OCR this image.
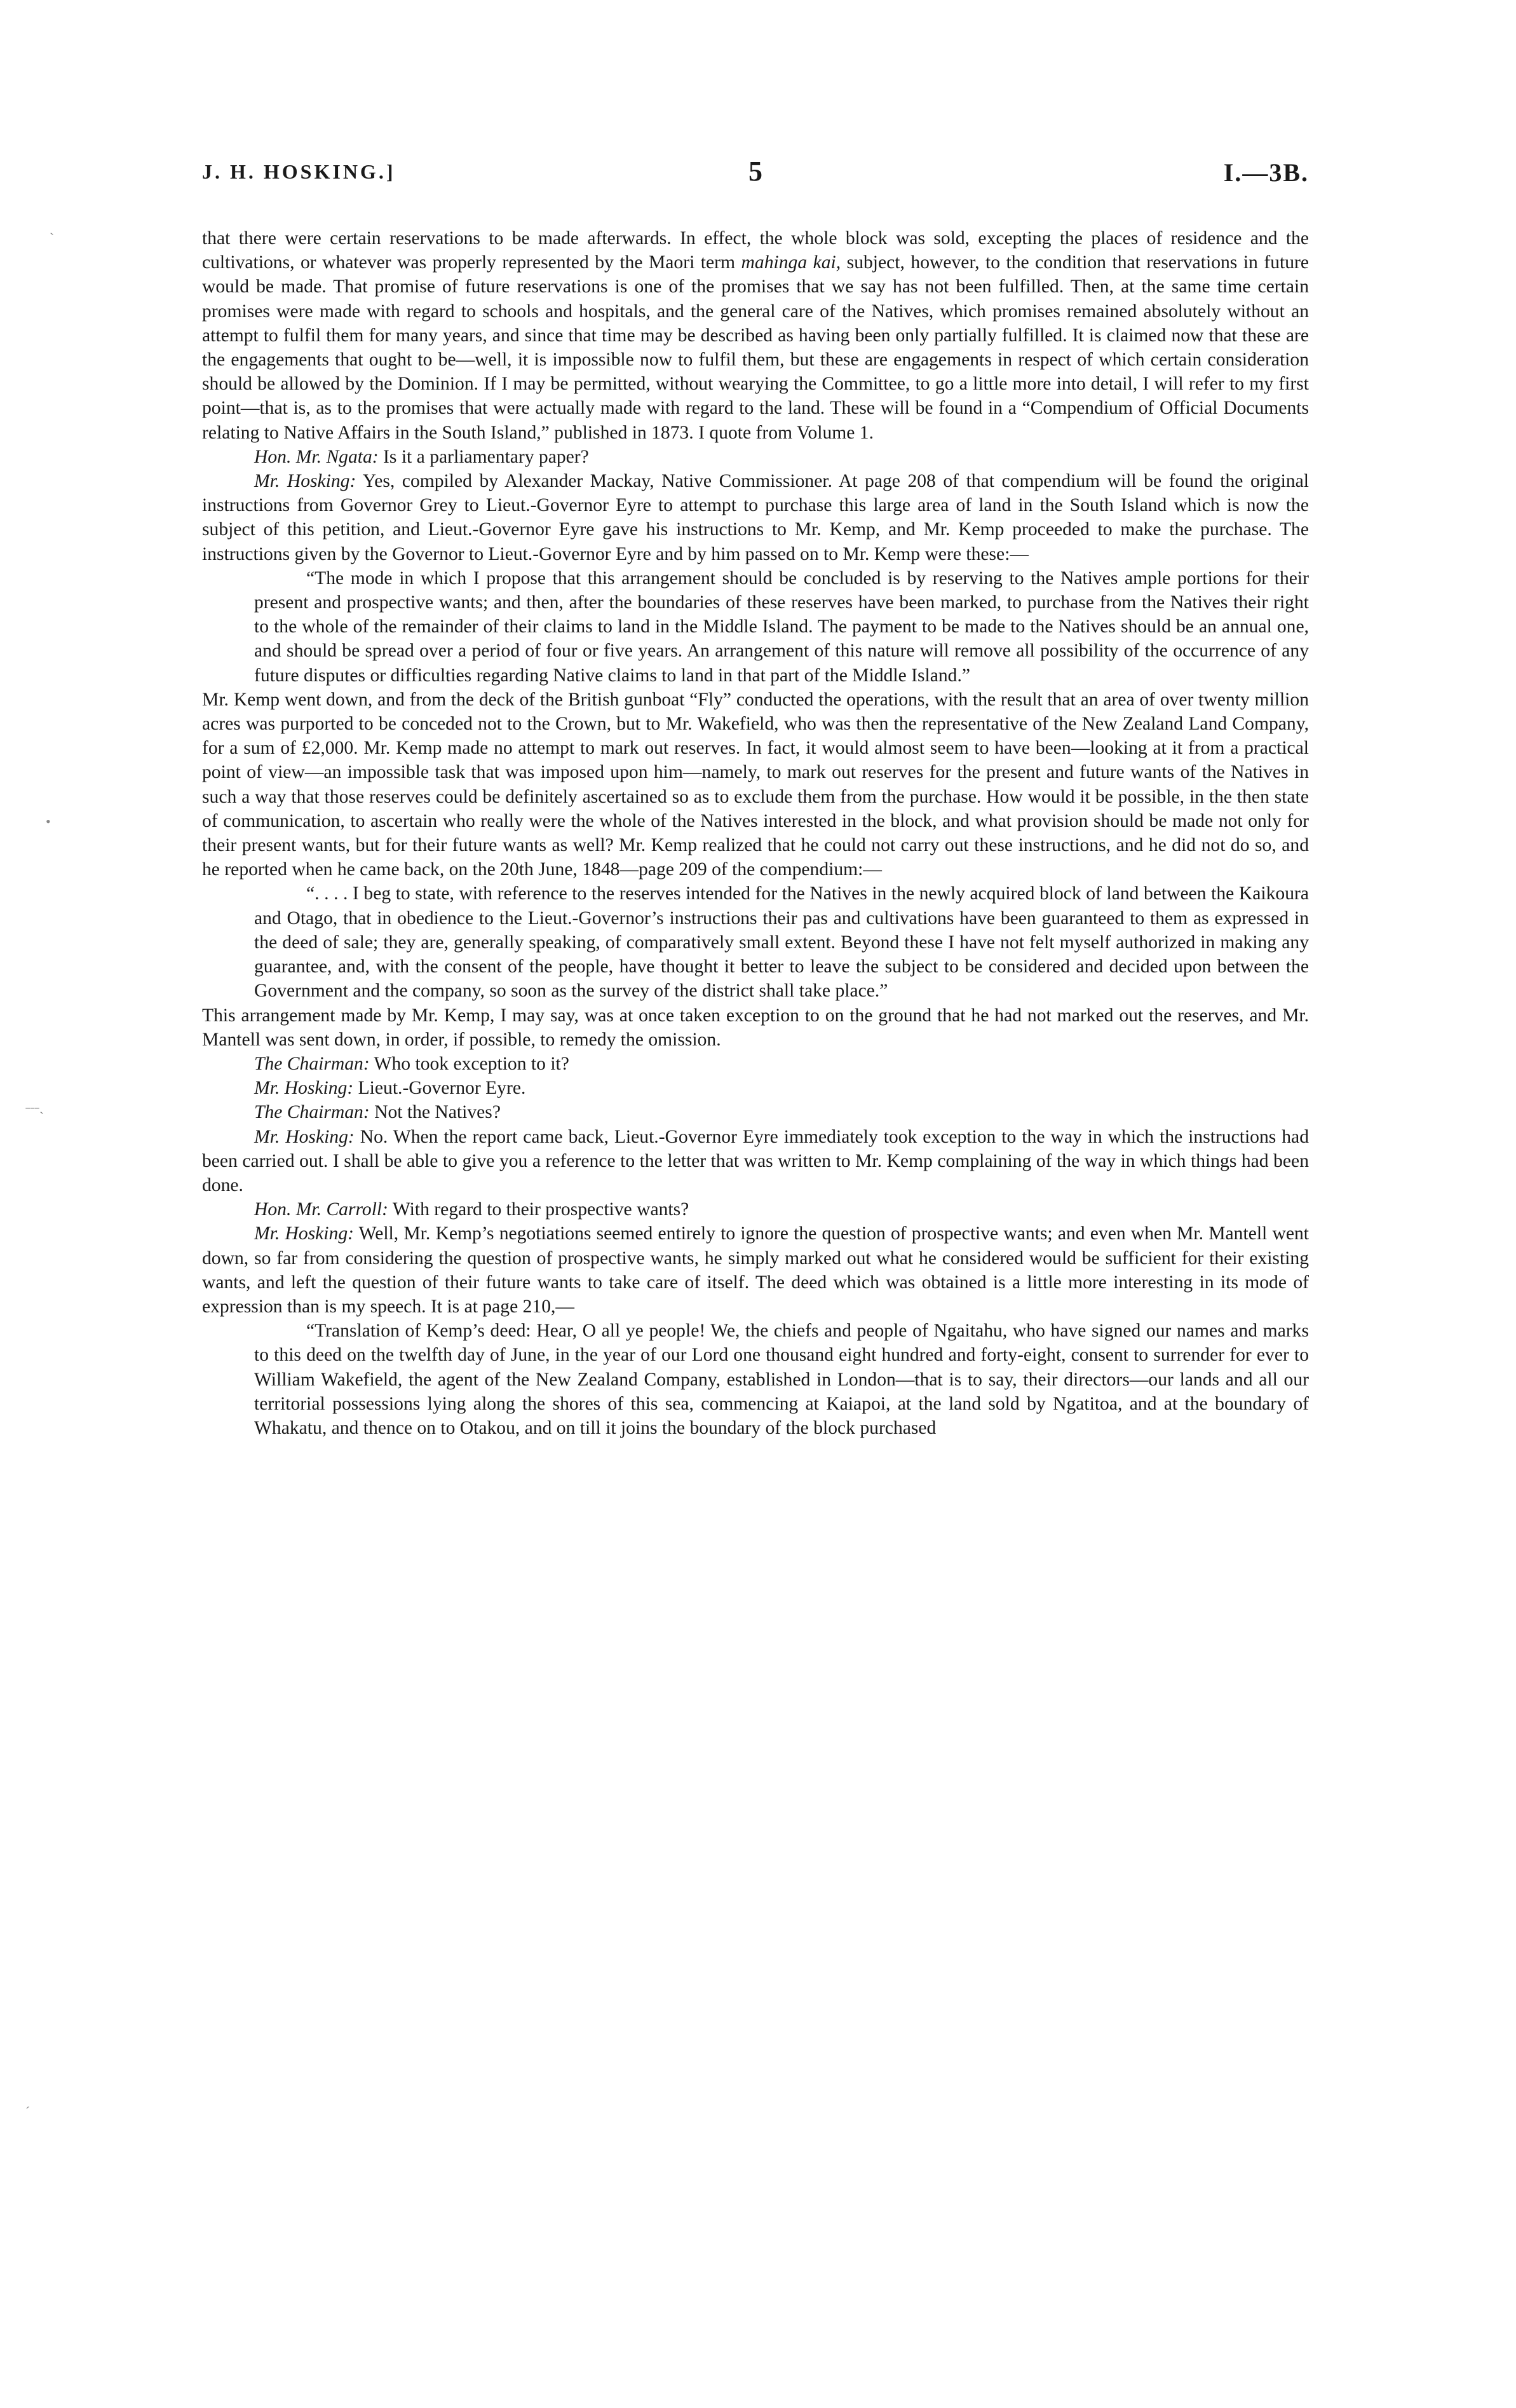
J. H. HOSKING.]	5	I.—3B.

that there were certain reservations to be made afterwards. In effect, the whole block was sold, excepting the places of residence and the cultivations, or whatever was properly represented by the Maori term mahinga kai, subject, however, to the condition that reservations in future would be made. That promise of future reservations is one of the promises that we say has not been fulfilled. Then, at the same time certain promises were made with regard to schools and hospitals, and the general care of the Natives, which promises remained absolutely without an attempt to fulfil them for many years, and since that time may be described as having been only partially fulfilled. It is claimed now that these are the engagements that ought to be—well, it is impossible now to fulfil them, but these are engagements in respect of which certain consideration should be allowed by the Dominion. If I may be permitted, without wearying the Committee, to go a little more into detail, I will refer to my first point—that is, as to the promises that were actually made with regard to the land. These will be found in a “Compendium of Official Documents relating to Native Affairs in the South Island,” published in 1873. I quote from Volume 1.

Hon. Mr. Ngata: Is it a parliamentary paper?

Mr. Hosking: Yes, compiled by Alexander Mackay, Native Commissioner. At page 208 of that compendium will be found the original instructions from Governor Grey to Lieut.-Governor Eyre to attempt to purchase this large area of land in the South Island which is now the subject of this petition, and Lieut.-Governor Eyre gave his instructions to Mr. Kemp, and Mr. Kemp proceeded to make the purchase. The instructions given by the Governor to Lieut.-Governor Eyre and by him passed on to Mr. Kemp were these:—

“The mode in which I propose that this arrangement should be concluded is by reserving to the Natives ample portions for their present and prospective wants; and then, after the boundaries of these reserves have been marked, to purchase from the Natives their right to the whole of the remainder of their claims to land in the Middle Island. The payment to be made to the Natives should be an annual one, and should be spread over a period of four or five years. An arrangement of this nature will remove all possibility of the occurrence of any future disputes or difficulties regarding Native claims to land in that part of the Middle Island.”

Mr. Kemp went down, and from the deck of the British gunboat “Fly” conducted the operations, with the result that an area of over twenty million acres was purported to be conceded not to the Crown, but to Mr. Wakefield, who was then the representative of the New Zealand Land Company, for a sum of £2,000. Mr. Kemp made no attempt to mark out reserves. In fact, it would almost seem to have been—looking at it from a practical point of view—an impossible task that was imposed upon him—namely, to mark out reserves for the present and future wants of the Natives in such a way that those reserves could be definitely ascertained so as to exclude them from the purchase. How would it be possible, in the then state of communication, to ascertain who really were the whole of the Natives interested in the block, and what provision should be made not only for their present wants, but for their future wants as well? Mr. Kemp realized that he could not carry out these instructions, and he did not do so, and he reported when he came back, on the 20th June, 1848—page 209 of the compendium:—

“. . . . I beg to state, with reference to the reserves intended for the Natives in the newly acquired block of land between the Kaikoura and Otago, that in obedience to the Lieut.-Governor’s instructions their pas and cultivations have been guaranteed to them as expressed in the deed of sale; they are, generally speaking, of comparatively small extent. Beyond these I have not felt myself authorized in making any guarantee, and, with the consent of the people, have thought it better to leave the subject to be considered and decided upon between the Government and the company, so soon as the survey of the district shall take place.”

This arrangement made by Mr. Kemp, I may say, was at once taken exception to on the ground that he had not marked out the reserves, and Mr. Mantell was sent down, in order, if possible, to remedy the omission.

The Chairman: Who took exception to it?

Mr. Hosking: Lieut.-Governor Eyre.

The Chairman: Not the Natives?

Mr. Hosking: No. When the report came back, Lieut.-Governor Eyre immediately took exception to the way in which the instructions had been carried out. I shall be able to give you a reference to the letter that was written to Mr. Kemp complaining of the way in which things had been done.

Hon. Mr. Carroll: With regard to their prospective wants?

Mr. Hosking: Well, Mr. Kemp’s negotiations seemed entirely to ignore the question of prospective wants; and even when Mr. Mantell went down, so far from considering the question of prospective wants, he simply marked out what he considered would be sufficient for their existing wants, and left the question of their future wants to take care of itself. The deed which was obtained is a little more interesting in its mode of expression than is my speech. It is at page 210,—

“Translation of Kemp’s deed: Hear, O all ye people! We, the chiefs and people of Ngaitahu, who have signed our names and marks to this deed on the twelfth day of June, in the year of our Lord one thousand eight hundred and forty-eight, consent to surrender for ever to William Wakefield, the agent of the New Zealand Company, established in London—that is to say, their directors—our lands and all our territorial possessions lying along the shores of this sea, commencing at Kaiapoi, at the land sold by Ngatitoa, and at the boundary of Whakatu, and thence on to Otakou, and on till it joins the boundary of the block purchased

ˏ
•
˗˗˗ˎ
ˊ
